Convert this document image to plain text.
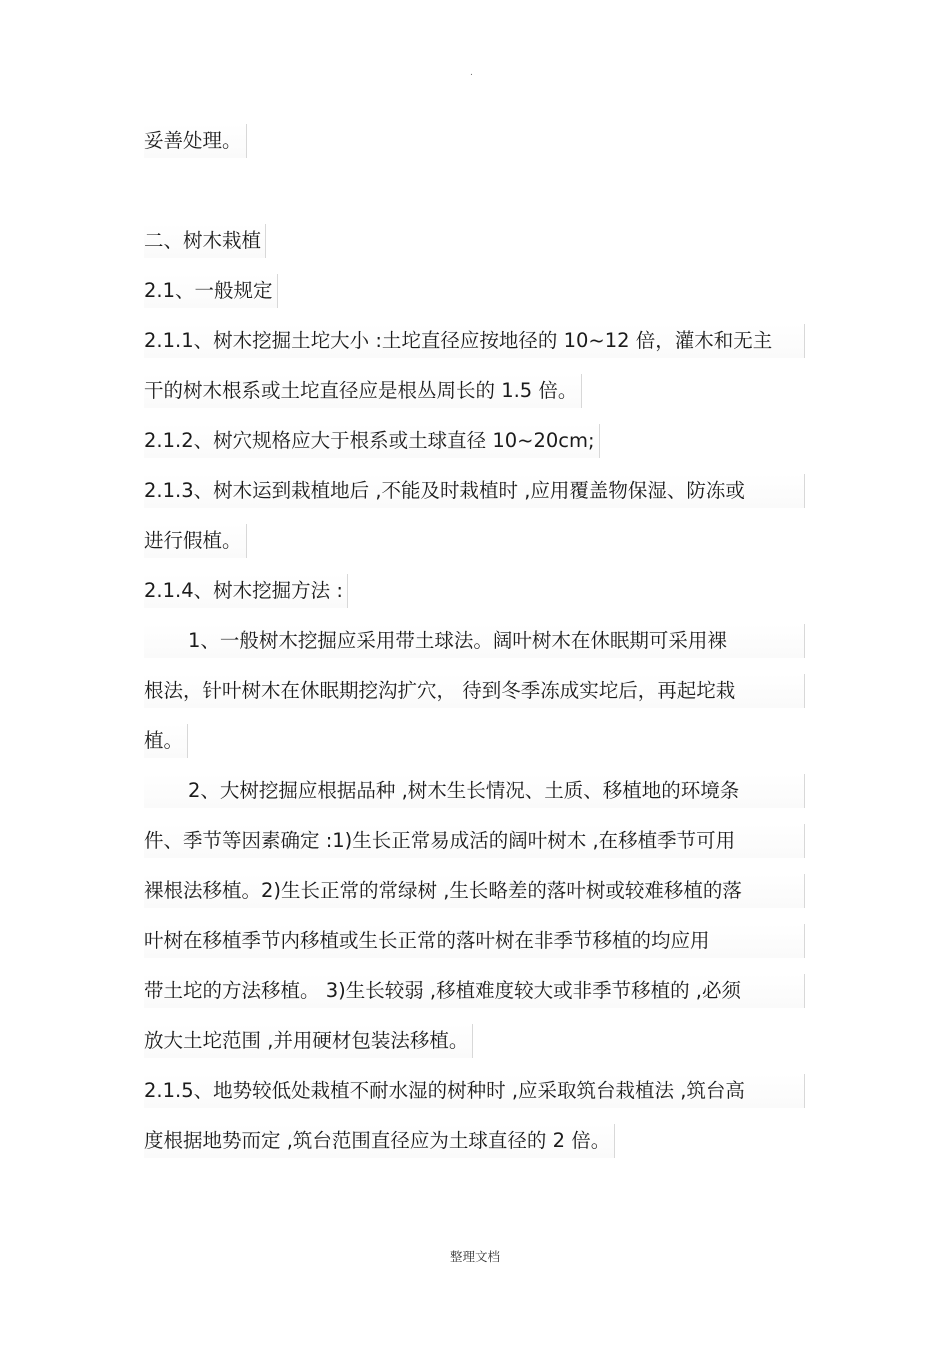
.
妥善处理。
二、树木栽植
2.1、一般规定
2.1.1、树木挖掘土坨大小 :土坨直径应按地径的 10~12 倍，灌木和无主
干的树木根系或土坨直径应是根丛周长的 1.5 倍。
2.1.2、树穴规格应大于根系或土球直径 10~20cm;
2.1.3、树木运到栽植地后 ,不能及时栽植时 ,应用覆盖物保湿、防冻或
进行假植。
2.1.4、树木挖掘方法 :
1、一般树木挖掘应采用带土球法。阔叶树木在休眠期可采用裸
根法，针叶树木在休眠期挖沟扩穴， 待到冬季冻成实坨后，再起坨栽
植。
2、大树挖掘应根据品种 ,树木生长情况、土质、移植地的环境条
件、季节等因素确定 :1)生长正常易成活的阔叶树木 ,在移植季节可用
裸根法移植。2)生长正常的常绿树 ,生长略差的落叶树或较难移植的落
叶树在移植季节内移植或生长正常的落叶树在非季节移植的均应用
带土坨的方法移植。 3)生长较弱 ,移植难度较大或非季节移植的 ,必须
放大土坨范围 ,并用硬材包装法移植。
2.1.5、地势较低处栽植不耐水湿的树种时 ,应采取筑台栽植法 ,筑台高
度根据地势而定 ,筑台范围直径应为土球直径的 2 倍。
整理文档
